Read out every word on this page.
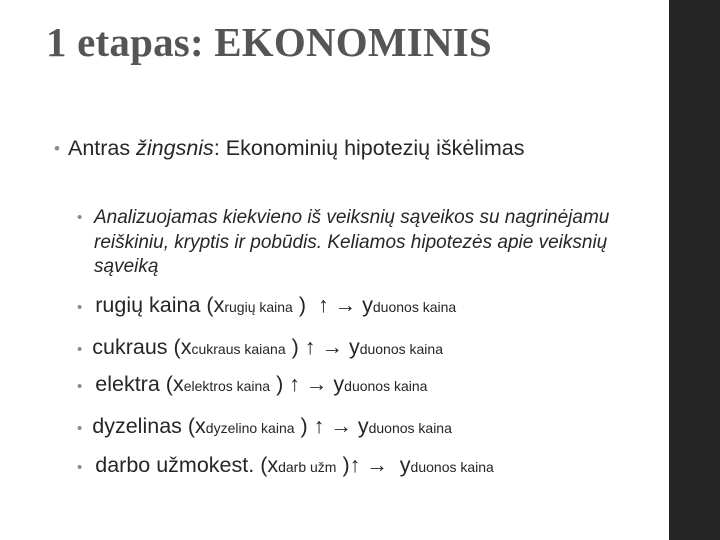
1 etapas: EKONOMINIS
• Antras žingsnis: Ekonominių hipotezių iškėlimas
• Analizuojamas kiekvieno iš veiksnių sąveikos su nagrinėjamu reiškiniu, kryptis ir pobūdis. Keliamos hipotezės apie veiksnių sąveiką
• rugių kaina (x rugių kaina ) ↑ → y duonos kaina
• cukraus (x cukraus kaiana ) ↑ → y duonos kaina
• elektra (x elektros kaina ) ↑ → y duonos kaina
• dyzelinas (x dyzelino kaina ) ↑ → y duonos kaina
• darbo užmokest. (x darb užm ) ↑ →
y duonos kaina
